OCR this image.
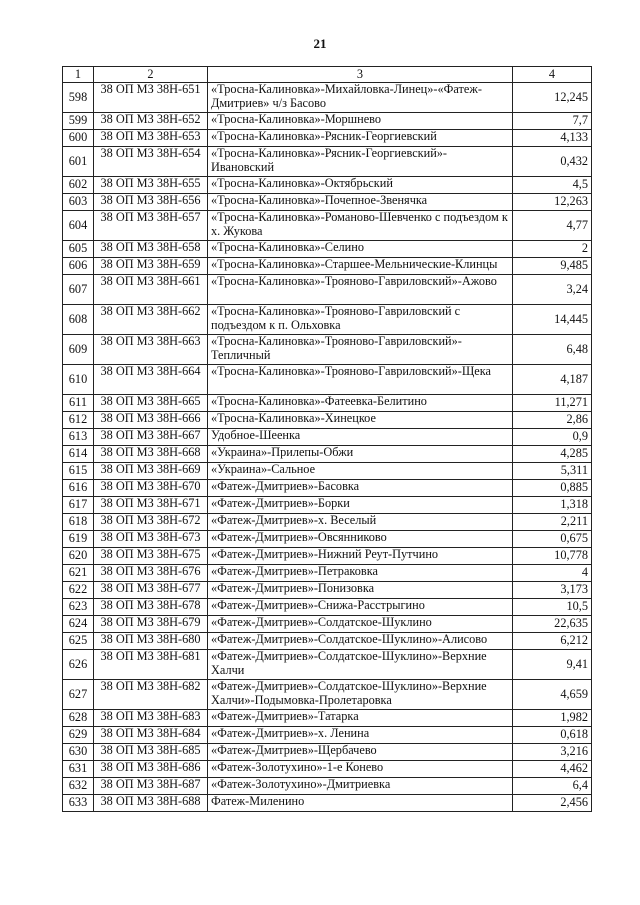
21
1	2	3	4
598	38 ОП МЗ 38Н-651	«Тросна-Калиновка»-Михайловка-Линец»-«Фатеж-Дмитриев» ч/з Басово	12,245
599	38 ОП МЗ 38Н-652	«Тросна-Калиновка»-Моршнево	7,7
600	38 ОП МЗ 38Н-653	«Тросна-Калиновка»-Рясник-Георгиевский	4,133
601	38 ОП МЗ 38Н-654	«Тросна-Калиновка»-Рясник-Георгиевский»-Ивановский	0,432
602	38 ОП МЗ 38Н-655	«Тросна-Калиновка»-Октябрьский	4,5
603	38 ОП МЗ 38Н-656	«Тросна-Калиновка»-Почепное-Звенячка	12,263
604	38 ОП МЗ 38Н-657	«Тросна-Калиновка»-Романово-Шевченко с подъездом к х. Жукова	4,77
605	38 ОП МЗ 38Н-658	«Тросна-Калиновка»-Селино	2
606	38 ОП МЗ 38Н-659	«Тросна-Калиновка»-Старшее-Мельнические-Клинцы	9,485
607	38 ОП МЗ 38Н-661	«Тросна-Калиновка»-Трояново-Гавриловский»-Ажово	3,24
608	38 ОП МЗ 38Н-662	«Тросна-Калиновка»-Трояново-Гавриловский с подъездом к п. Ольховка	14,445
609	38 ОП МЗ 38Н-663	«Тросна-Калиновка»-Трояново-Гавриловский»-Тепличный	6,48
610	38 ОП МЗ 38Н-664	«Тросна-Калиновка»-Трояново-Гавриловский»-Щека	4,187
611	38 ОП МЗ 38Н-665	«Тросна-Калиновка»-Фатеевка-Белитино	11,271
612	38 ОП МЗ 38Н-666	«Тросна-Калиновка»-Хинецкое	2,86
613	38 ОП МЗ 38Н-667	Удобное-Шеенка	0,9
614	38 ОП МЗ 38Н-668	«Украина»-Прилепы-Обжи	4,285
615	38 ОП МЗ 38Н-669	«Украина»-Сальное	5,311
616	38 ОП МЗ 38Н-670	«Фатеж-Дмитриев»-Басовка	0,885
617	38 ОП МЗ 38Н-671	«Фатеж-Дмитриев»-Борки	1,318
618	38 ОП МЗ 38Н-672	«Фатеж-Дмитриев»-х. Веселый	2,211
619	38 ОП МЗ 38Н-673	«Фатеж-Дмитриев»-Овсянниково	0,675
620	38 ОП МЗ 38Н-675	«Фатеж-Дмитриев»-Нижний Реут-Путчино	10,778
621	38 ОП МЗ 38Н-676	«Фатеж-Дмитриев»-Петраковка	4
622	38 ОП МЗ 38Н-677	«Фатеж-Дмитриев»-Понизовка	3,173
623	38 ОП МЗ 38Н-678	«Фатеж-Дмитриев»-Снижа-Расстрыгино	10,5
624	38 ОП МЗ 38Н-679	«Фатеж-Дмитриев»-Солдатское-Шуклино	22,635
625	38 ОП МЗ 38Н-680	«Фатеж-Дмитриев»-Солдатское-Шуклино»-Алисово	6,212
626	38 ОП МЗ 38Н-681	«Фатеж-Дмитриев»-Солдатское-Шуклино»-Верхние Халчи	9,41
627	38 ОП МЗ 38Н-682	«Фатеж-Дмитриев»-Солдатское-Шуклино»-Верхние Халчи»-Подымовка-Пролетаровка	4,659
628	38 ОП МЗ 38Н-683	«Фатеж-Дмитриев»-Татарка	1,982
629	38 ОП МЗ 38Н-684	«Фатеж-Дмитриев»-х. Ленина	0,618
630	38 ОП МЗ 38Н-685	«Фатеж-Дмитриев»-Щербачево	3,216
631	38 ОП МЗ 38Н-686	«Фатеж-Золотухино»-1-е Конево	4,462
632	38 ОП МЗ 38Н-687	«Фатеж-Золотухино»-Дмитриевка	6,4
633	38 ОП МЗ 38Н-688	Фатеж-Миленино	2,456
